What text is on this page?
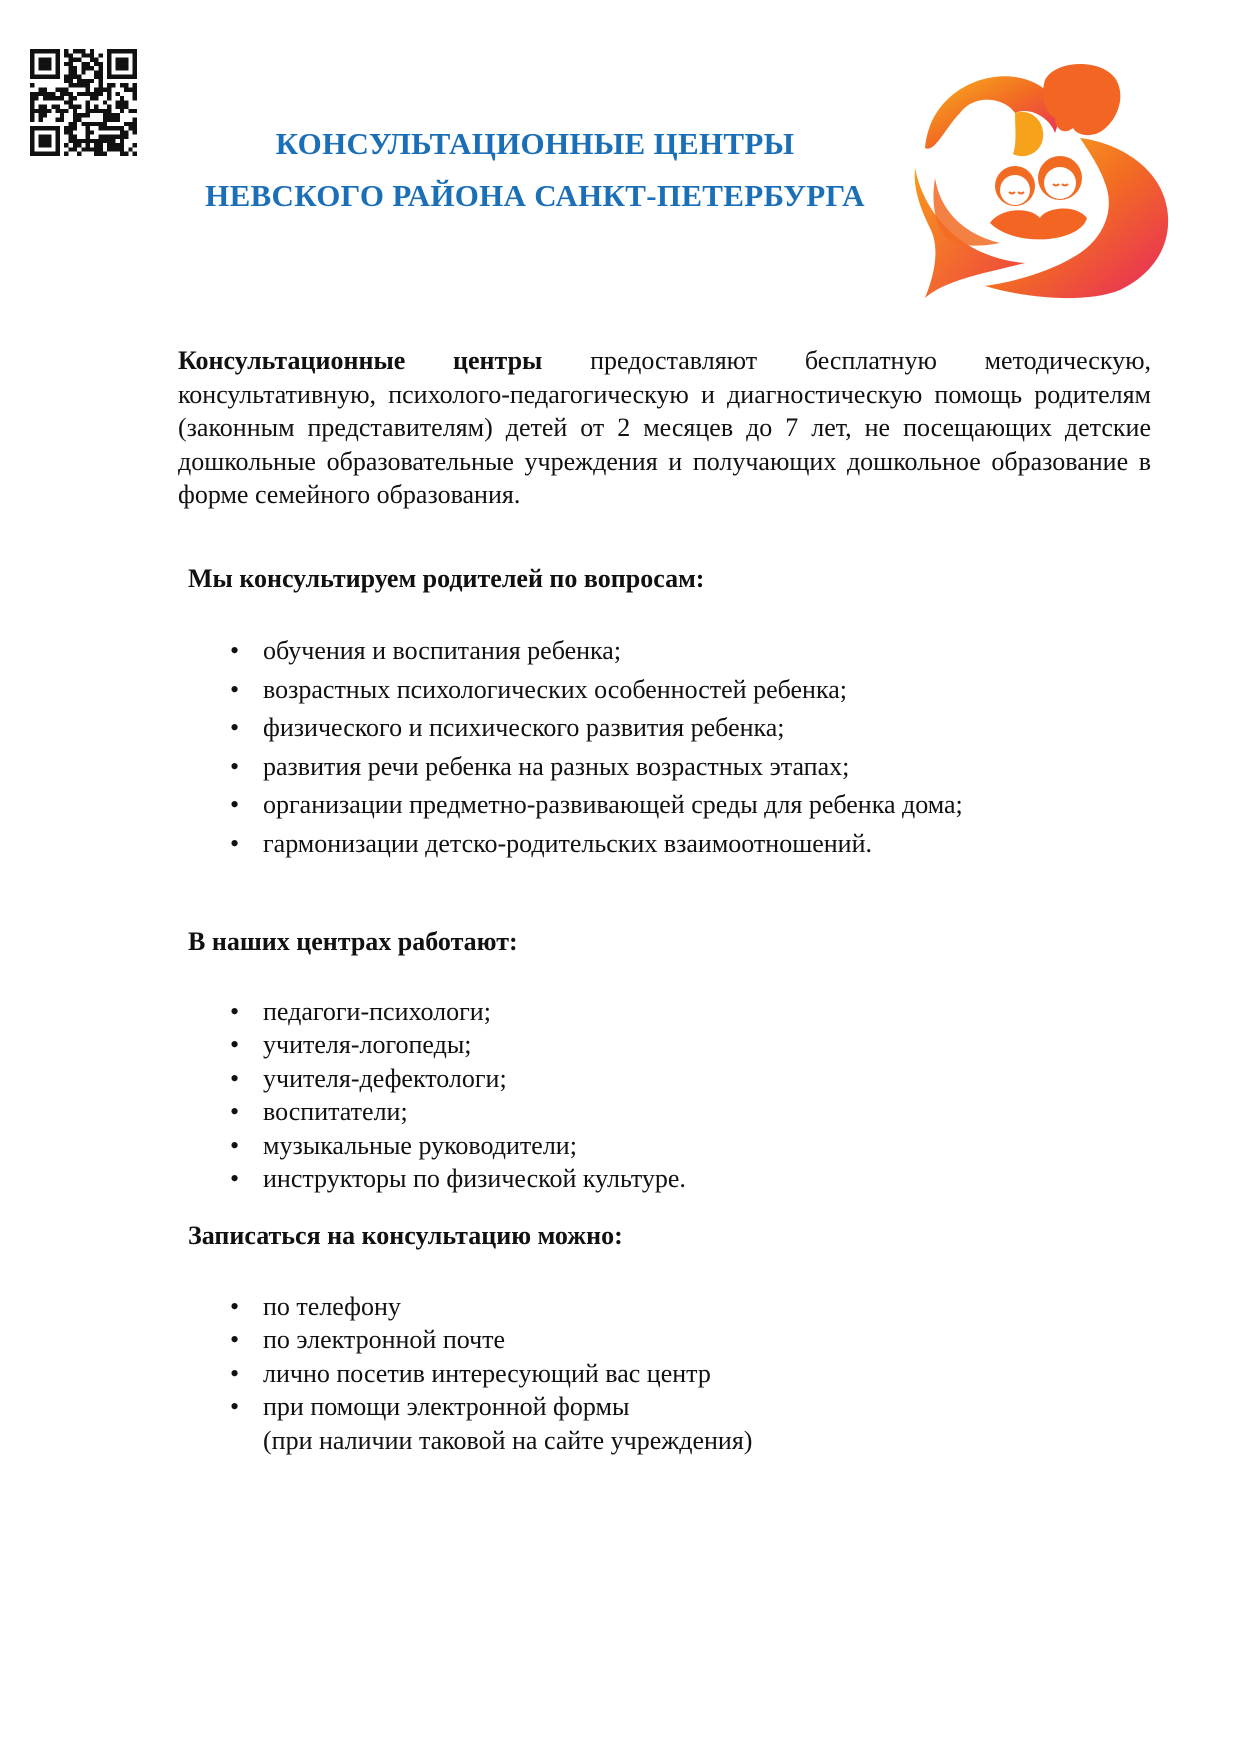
КОНСУЛЬТАЦИОННЫЕ ЦЕНТРЫ
НЕВСКОГО РАЙОНА САНКТ-ПЕТЕРБУРГА

Консультационные центры предоставляют бесплатную методическую, консультативную, психолого-педагогическую и диагностическую помощь родителям (законным представителям) детей от 2 месяцев до 7 лет, не посещающих детские дошкольные образовательные учреждения и получающих дошкольное образование в форме семейного образования.

Мы консультируем родителей по вопросам:
• обучения и воспитания ребенка;
• возрастных психологических особенностей ребенка;
• физического и психического развития ребенка;
• развития речи ребенка на разных возрастных этапах;
• организации предметно-развивающей среды для ребенка дома;
• гармонизации детско-родительских взаимоотношений.
В наших центрах работают:
• педагоги-психологи;
• учителя-логопеды;
• учителя-дефектологи;
• воспитатели;
• музыкальные руководители;
• инструкторы по физической культуре.
Записаться на консультацию можно:
• по телефону
• по электронной почте
• лично посетив интересующий вас центр
• при помощи электронной формы
(при наличии таковой на сайте учреждения)
